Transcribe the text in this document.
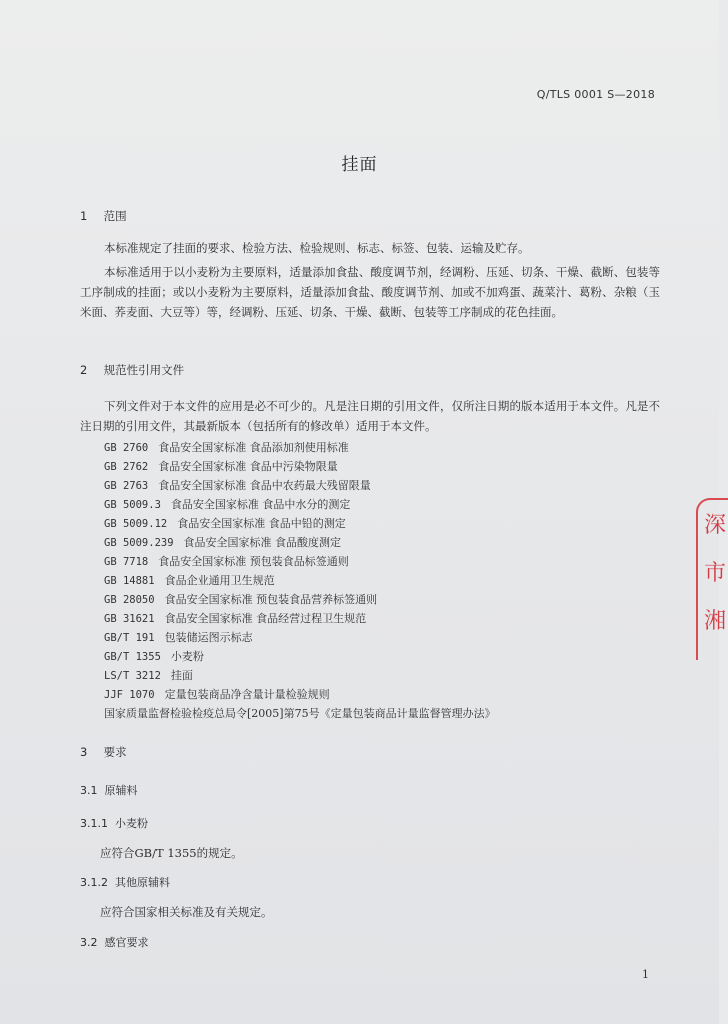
Q/TLS 0001 S—2018
挂面
1 范围
本标准规定了挂面的要求、检验方法、检验规则、标志、标签、包装、运输及贮存。
本标准适用于以小麦粉为主要原料，适量添加食盐、酸度调节剂，经调粉、压延、切条、干燥、截断、包装等工序制成的挂面；或以小麦粉为主要原料，适量添加食盐、酸度调节剂、加或不加鸡蛋、蔬菜汁、葛粉、杂粮（玉米面、荞麦面、大豆等）等，经调粉、压延、切条、干燥、截断、包装等工序制成的花色挂面。
2 规范性引用文件
下列文件对于本文件的应用是必不可少的。凡是注日期的引用文件，仅所注日期的版本适用于本文件。凡是不注日期的引用文件，其最新版本（包括所有的修改单）适用于本文件。
GB 2760 食品安全国家标准 食品添加剂使用标准
GB 2762 食品安全国家标准 食品中污染物限量
GB 2763 食品安全国家标准 食品中农药最大残留限量
GB 5009.3 食品安全国家标准 食品中水分的测定
GB 5009.12 食品安全国家标准 食品中铅的测定
GB 5009.239 食品安全国家标准 食品酸度测定
GB 7718 食品安全国家标准 预包装食品标签通则
GB 14881 食品企业通用卫生规范
GB 28050 食品安全国家标准 预包装食品营养标签通则
GB 31621 食品安全国家标准 食品经营过程卫生规范
GB/T 191 包装储运图示标志
GB/T 1355 小麦粉
LS/T 3212 挂面
JJF 1070 定量包装商品净含量计量检验规则
国家质量监督检验检疫总局令[2005]第75号《定量包装商品计量监督管理办法》
3 要求
3.1 原辅料
3.1.1 小麦粉
应符合GB/T 1355的规定。
3.1.2 其他原辅料
应符合国家相关标准及有关规定。
3.2 感官要求
1
深
市
湘
